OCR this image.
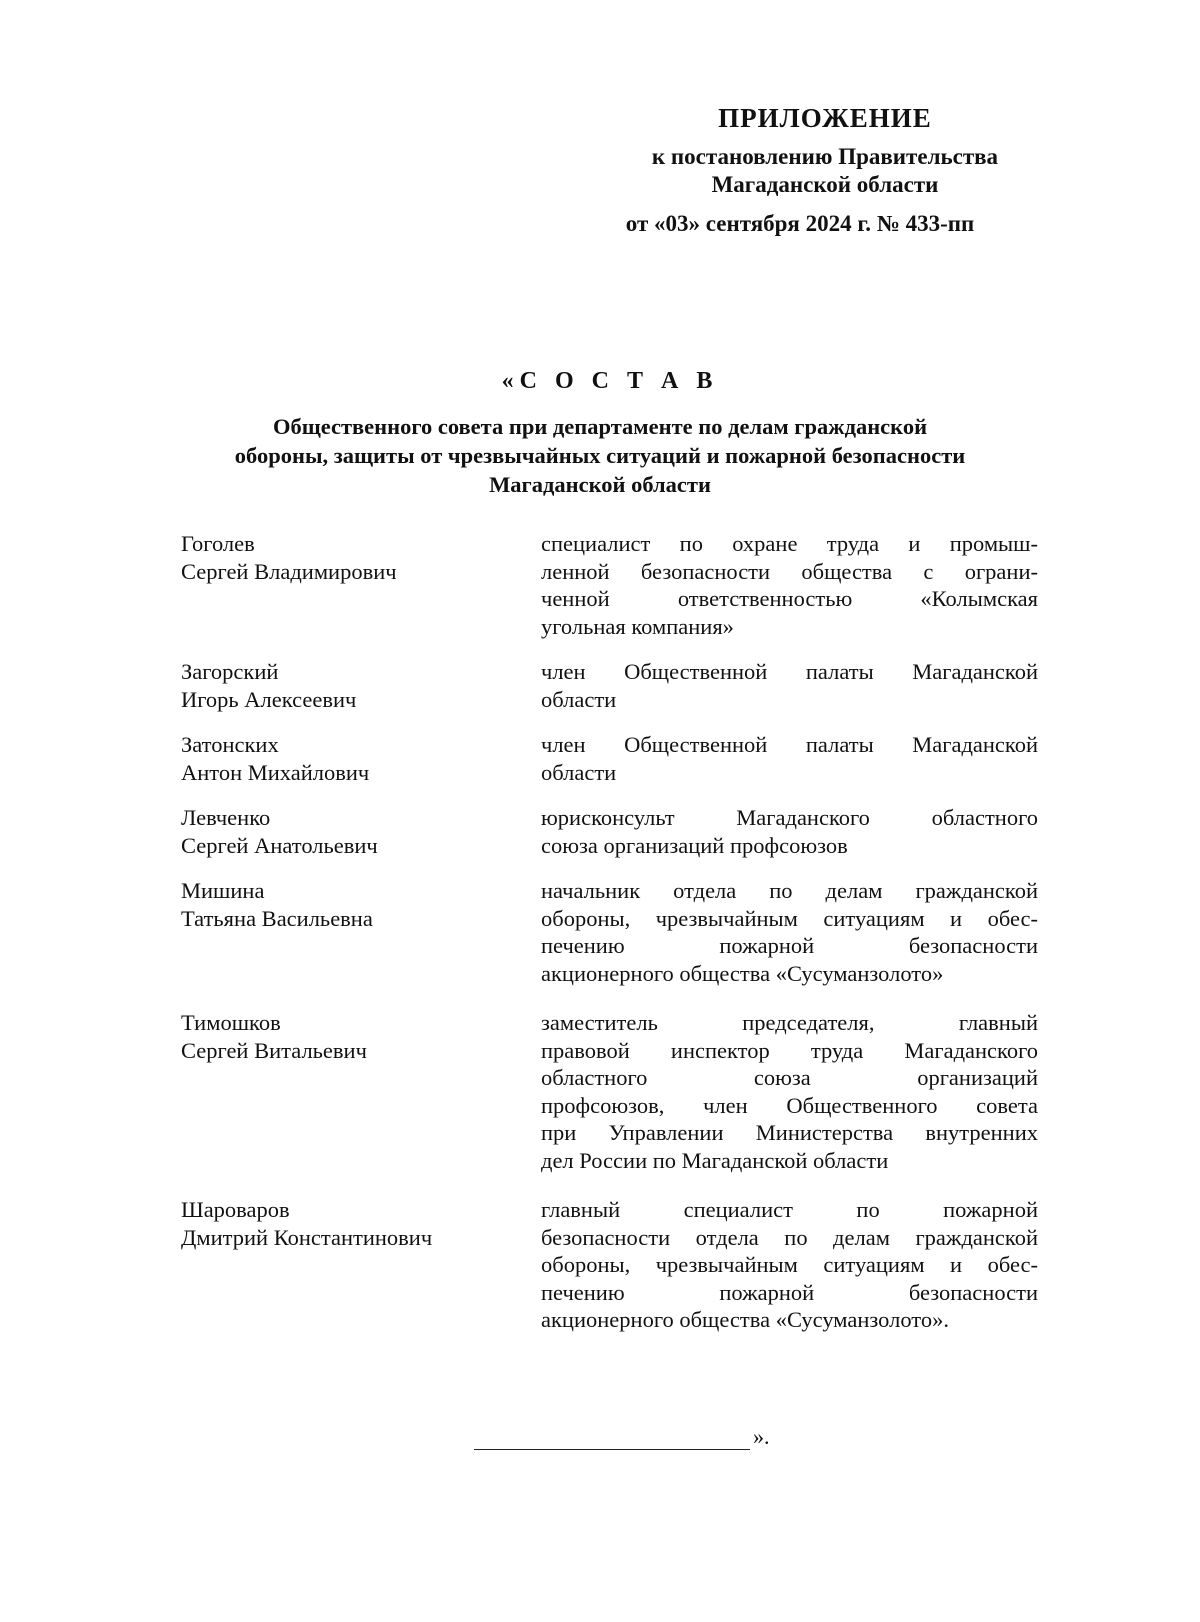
ПРИЛОЖЕНИЕ
к постановлению Правительства
Магаданской области
от «03» сентября 2024 г. № 433-пп
«С О С Т А В
Общественного совета при департаменте по делам гражданской
обороны, защиты от чрезвычайных ситуаций и пожарной безопасности
Магаданской области
Гоголев
Сергей Владимирович
специалист по охране труда и промыш-
ленной безопасности общества с ограни-
ченной ответственностью «Колымская
угольная компания»
Загорский
Игорь Алексеевич
член Общественной палаты Магаданской
области
Затонских
Антон Михайлович
член Общественной палаты Магаданской
области
Левченко
Сергей Анатольевич
юрисконсульт Магаданского областного
союза организаций профсоюзов
Мишина
Татьяна Васильевна
начальник отдела по делам гражданской
обороны, чрезвычайным ситуациям и обес-
печению пожарной безопасности
акционерного общества «Сусуманзолото»
Тимошков
Сергей Витальевич
заместитель председателя, главный
правовой инспектор труда Магаданского
областного союза организаций
профсоюзов, член Общественного совета
при Управлении Министерства внутренних
дел России по Магаданской области
Шароваров
Дмитрий Константинович
главный специалист по пожарной
безопасности отдела по делам гражданской
обороны, чрезвычайным ситуациям и обес-
печению пожарной безопасности
акционерного общества «Сусуманзолото».
».
